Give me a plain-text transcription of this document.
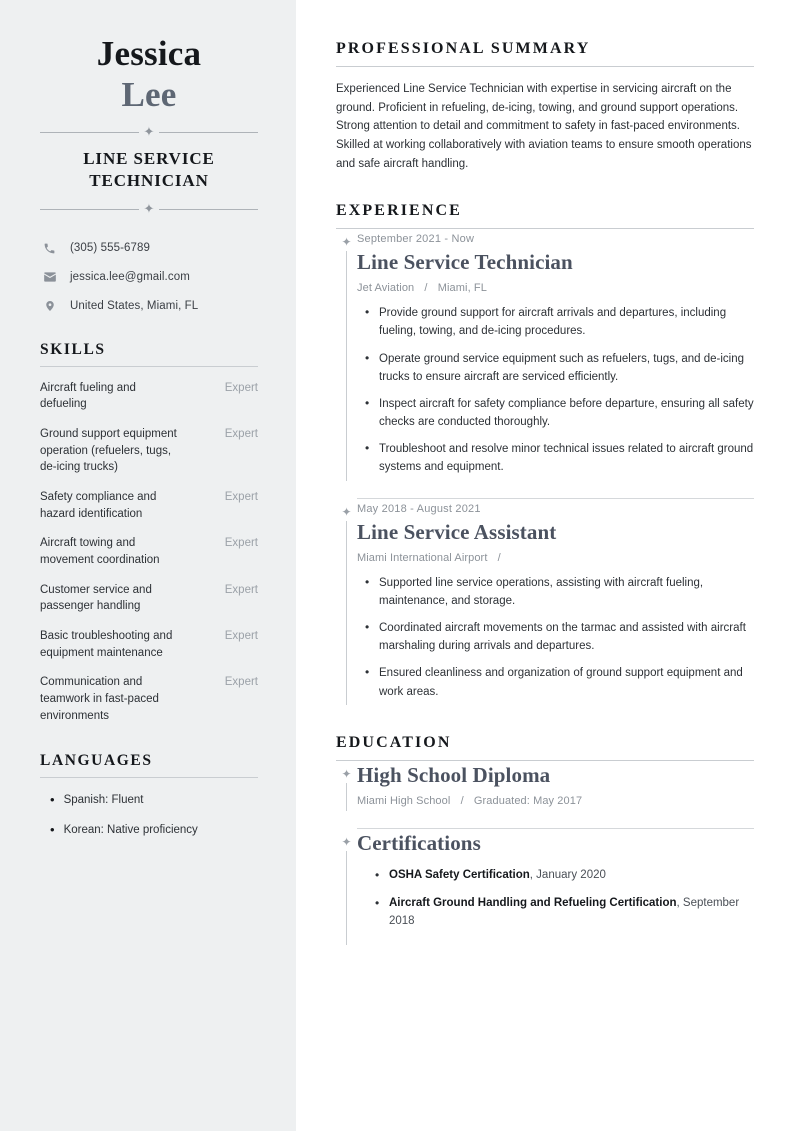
Jessica
Lee
✦
LINE SERVICE TECHNICIAN
✦
(305) 555-6789
jessica.lee@gmail.com
United States, Miami, FL
SKILLS
Aircraft fueling and defueling
Expert
Ground support equipment operation (refuelers, tugs, de-icing trucks)
Expert
Safety compliance and hazard identification
Expert
Aircraft towing and movement coordination
Expert
Customer service and passenger handling
Expert
Basic troubleshooting and equipment maintenance
Expert
Communication and teamwork in fast-paced environments
Expert
LANGUAGES
• Spanish: Fluent
• Korean: Native proficiency
PROFESSIONAL SUMMARY

Experienced Line Service Technician with expertise in servicing aircraft on the ground. Proficient in refueling, de-icing, towing, and ground support operations. Strong attention to detail and commitment to safety in fast-paced environments. Skilled at working collaboratively with aviation teams to ensure smooth operations and safe aircraft handling.

EXPERIENCE
✦ September 2021 - Now
Line Service Technician
Jet Aviation / Miami, FL
• Provide ground support for aircraft arrivals and departures, including fueling, towing, and de-icing procedures.
• Operate ground service equipment such as refuelers, tugs, and de-icing trucks to ensure aircraft are serviced efficiently.
• Inspect aircraft for safety compliance before departure, ensuring all safety checks are conducted thoroughly.
• Troubleshoot and resolve minor technical issues related to aircraft ground systems and equipment.
✦ May 2018 - August 2021
Line Service Assistant
Miami International Airport /
• Supported line service operations, assisting with aircraft fueling, maintenance, and storage.
• Coordinated aircraft movements on the tarmac and assisted with aircraft marshaling during arrivals and departures.
• Ensured cleanliness and organization of ground support equipment and work areas.
EDUCATION
✦ High School Diploma
Miami High School / Graduated: May 2017
✦ Certifications
• OSHA Safety Certification, January 2020
• Aircraft Ground Handling and Refueling Certification, September 2018
